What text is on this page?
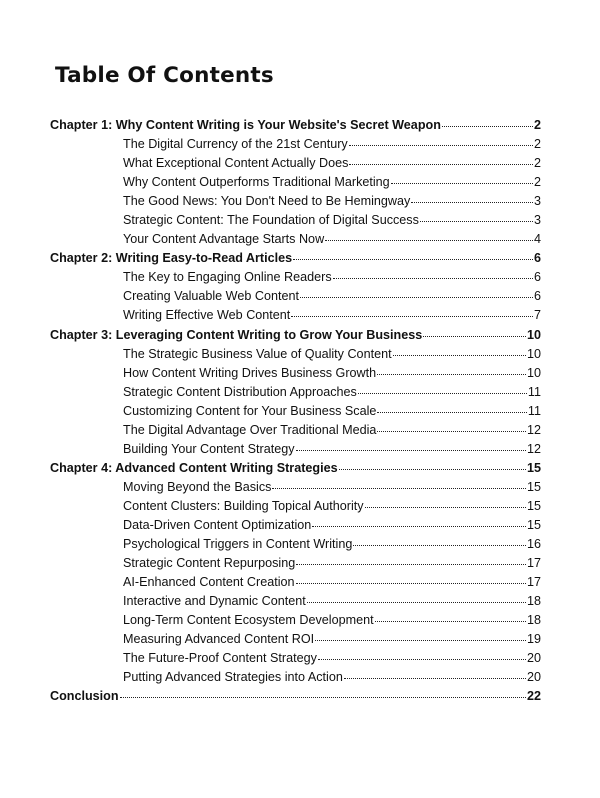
Table Of Contents
Chapter 1: Why Content Writing is Your Website's Secret Weapon	2
The Digital Currency of the 21st Century	2
What Exceptional Content Actually Does	2
Why Content Outperforms Traditional Marketing	2
The Good News: You Don't Need to Be Hemingway	3
Strategic Content: The Foundation of Digital Success	3
Your Content Advantage Starts Now	4
Chapter 2: Writing Easy-to-Read Articles	6
The Key to Engaging Online Readers	6
Creating Valuable Web Content	6
Writing Effective Web Content	7
Chapter 3: Leveraging Content Writing to Grow Your Business	10
The Strategic Business Value of Quality Content	10
How Content Writing Drives Business Growth	10
Strategic Content Distribution Approaches	11
Customizing Content for Your Business Scale	11
The Digital Advantage Over Traditional Media	12
Building Your Content Strategy	12
Chapter 4: Advanced Content Writing Strategies	15
Moving Beyond the Basics	15
Content Clusters: Building Topical Authority	15
Data-Driven Content Optimization	15
Psychological Triggers in Content Writing	16
Strategic Content Repurposing	17
AI-Enhanced Content Creation	17
Interactive and Dynamic Content	18
Long-Term Content Ecosystem Development	18
Measuring Advanced Content ROI	19
The Future-Proof Content Strategy	20
Putting Advanced Strategies into Action	20
Conclusion	22
